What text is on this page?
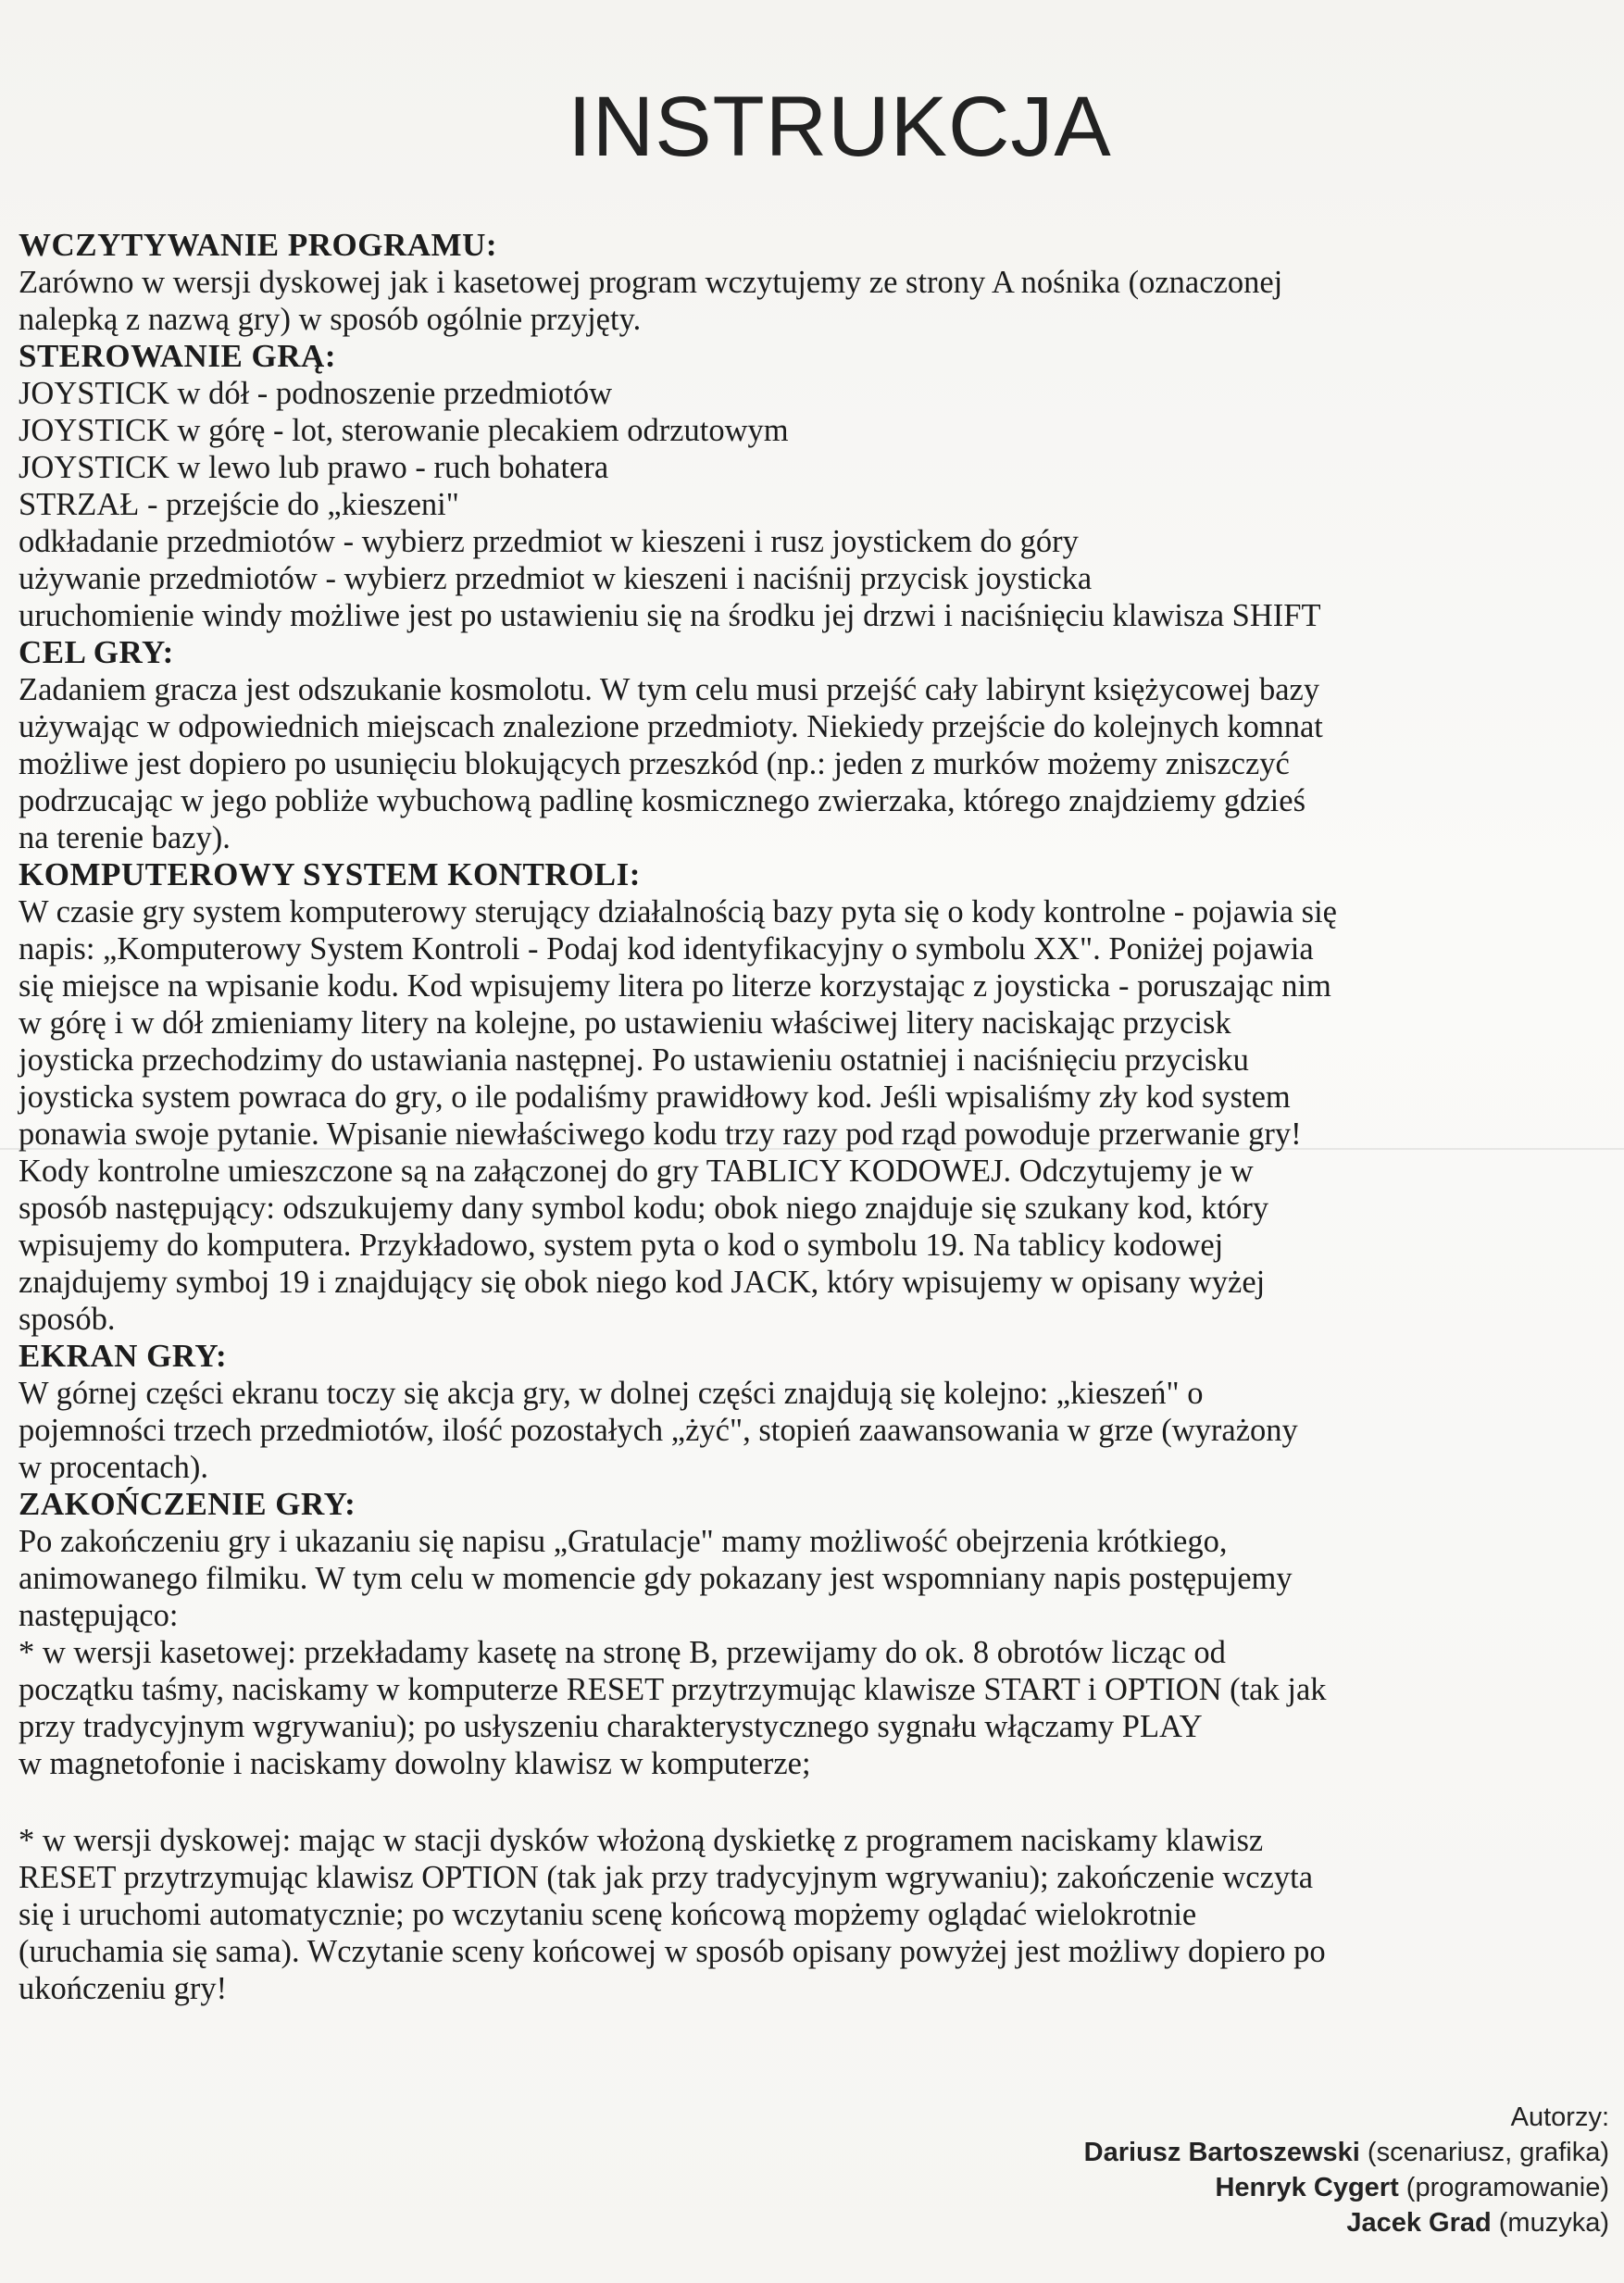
INSTRUKCJA

WCZYTYWANIE PROGRAMU:

Zarówno w wersji dyskowej jak i kasetowej program wczytujemy ze strony A nośnika (oznaczonej

nalepką z nazwą gry) w sposób ogólnie przyjęty.

STEROWANIE GRĄ:

JOYSTICK w dół - podnoszenie przedmiotów

JOYSTICK w górę - lot, sterowanie plecakiem odrzutowym

JOYSTICK w lewo lub prawo - ruch bohatera

STRZAŁ - przejście do „kieszeni"

odkładanie przedmiotów - wybierz przedmiot w kieszeni i rusz joystickem do góry

używanie przedmiotów - wybierz przedmiot w kieszeni i naciśnij przycisk joysticka

uruchomienie windy możliwe jest po ustawieniu się na środku jej drzwi i naciśnięciu klawisza SHIFT

CEL GRY:

Zadaniem gracza jest odszukanie kosmolotu. W tym celu musi przejść cały labirynt księżycowej bazy

używając w odpowiednich miejscach znalezione przedmioty. Niekiedy przejście do kolejnych komnat

możliwe jest dopiero po usunięciu blokujących przeszkód (np.: jeden z murków możemy zniszczyć

podrzucając w jego pobliże wybuchową padlinę kosmicznego zwierzaka, którego znajdziemy gdzieś

na terenie bazy).

KOMPUTEROWY SYSTEM KONTROLI:

W czasie gry system komputerowy sterujący działalnością bazy pyta się o kody kontrolne - pojawia się

napis: „Komputerowy System Kontroli - Podaj kod identyfikacyjny o symbolu XX". Poniżej pojawia

się miejsce na wpisanie kodu. Kod wpisujemy litera po literze korzystając z joysticka - poruszając nim

w górę i w dół zmieniamy litery na kolejne, po ustawieniu właściwej litery naciskając przycisk

joysticka przechodzimy do ustawiania następnej. Po ustawieniu ostatniej i naciśnięciu przycisku

joysticka system powraca do gry, o ile podaliśmy prawidłowy kod. Jeśli wpisaliśmy zły kod system

ponawia swoje pytanie. Wpisanie niewłaściwego kodu trzy razy pod rząd powoduje przerwanie gry!

Kody kontrolne umieszczone są na załączonej do gry TABLICY KODOWEJ. Odczytujemy je w

sposób następujący: odszukujemy dany symbol kodu; obok niego znajduje się szukany kod, który

wpisujemy do komputera. Przykładowo, system pyta o kod o symbolu 19. Na tablicy kodowej

znajdujemy symboj 19 i znajdujący się obok niego kod JACK, który wpisujemy w opisany wyżej

sposób.

EKRAN GRY:

W górnej części ekranu toczy się akcja gry, w dolnej części znajdują się kolejno: „kieszeń" o

pojemności trzech przedmiotów, ilość pozostałych „żyć", stopień zaawansowania w grze (wyrażony

w procentach).

ZAKOŃCZENIE GRY:

Po zakończeniu gry i ukazaniu się napisu „Gratulacje" mamy możliwość obejrzenia krótkiego,

animowanego filmiku. W tym celu w momencie gdy pokazany jest wspomniany napis postępujemy

następująco:

* w wersji kasetowej: przekładamy kasetę na stronę B, przewijamy do ok. 8 obrotów licząc od

początku taśmy, naciskamy w komputerze RESET przytrzymując klawisze START i OPTION (tak jak

przy tradycyjnym wgrywaniu); po usłyszeniu charakterystycznego sygnału włączamy PLAY

w magnetofonie i naciskamy dowolny klawisz w komputerze;

* w wersji dyskowej: mając w stacji dysków włożoną dyskietkę z programem naciskamy klawisz

RESET przytrzymując klawisz OPTION (tak jak przy tradycyjnym wgrywaniu); zakończenie wczyta

się i uruchomi automatycznie; po wczytaniu scenę końcową mopżemy oglądać wielokrotnie

(uruchamia się sama). Wczytanie sceny końcowej w sposób opisany powyżej jest możliwy dopiero po

ukończeniu gry!

Autorzy:
Dariusz Bartoszewski (scenariusz, grafika)
Henryk Cygert (programowanie)
Jacek Grad (muzyka)
